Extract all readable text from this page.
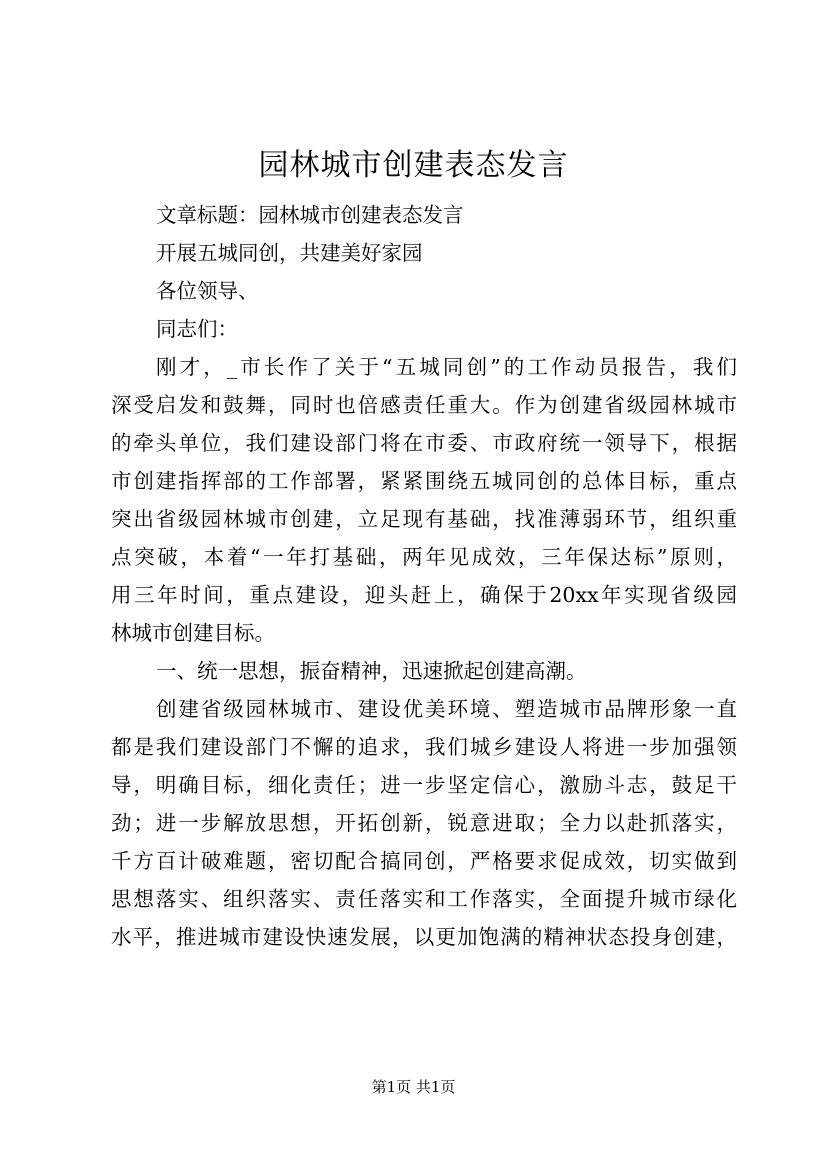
园林城市创建表态发言
文章标题：园林城市创建表态发言
开展五城同创，共建美好家园
各位领导、
同志们：
刚才，_市长作了关于“五城同创”的工作动员报告，我们
深受启发和鼓舞，同时也倍感责任重大。作为创建省级园林城市
的牵头单位，我们建设部门将在市委、市政府统一领导下，根据
市创建指挥部的工作部署，紧紧围绕五城同创的总体目标，重点
突出省级园林城市创建，立足现有基础，找准薄弱环节，组织重
点突破，本着“一年打基础，两年见成效，三年保达标”原则，
用三年时间，重点建设，迎头赶上，确保于20xx年实现省级园
林城市创建目标。
一、统一思想，振奋精神，迅速掀起创建高潮。
创建省级园林城市、建设优美环境、塑造城市品牌形象一直
都是我们建设部门不懈的追求，我们城乡建设人将进一步加强领
导，明确目标，细化责任；进一步坚定信心，激励斗志，鼓足干
劲；进一步解放思想，开拓创新，锐意进取；全力以赴抓落实，
千方百计破难题，密切配合搞同创，严格要求促成效，切实做到
思想落实、组织落实、责任落实和工作落实，全面提升城市绿化
水平，推进城市建设快速发展，以更加饱满的精神状态投身创建，
第1页 共1页
